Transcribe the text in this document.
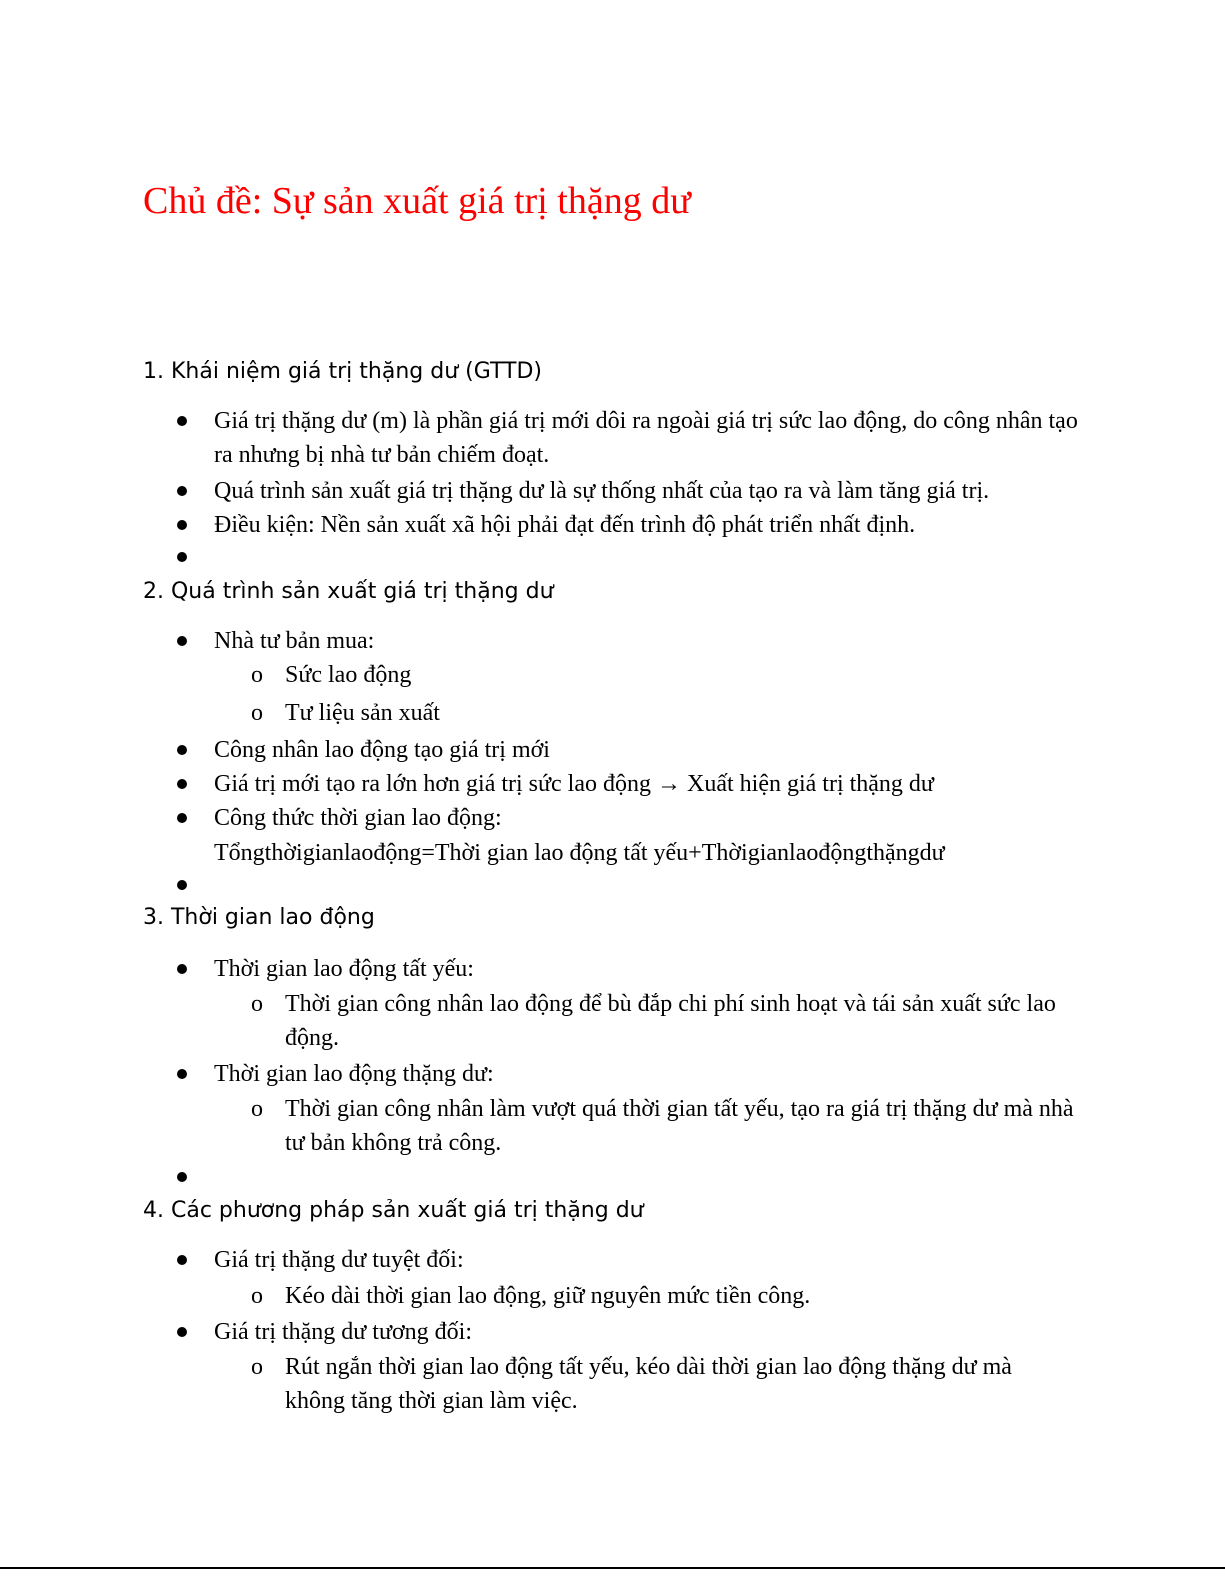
Chủ đề: Sự sản xuất giá trị thặng dư
1. Khái niệm giá trị thặng dư (GTTD)
Giá trị thặng dư (m) là phần giá trị mới dôi ra ngoài giá trị sức lao động, do công nhân tạo ra nhưng bị nhà tư bản chiếm đoạt.
Quá trình sản xuất giá trị thặng dư là sự thống nhất của tạo ra và làm tăng giá trị.
Điều kiện: Nền sản xuất xã hội phải đạt đến trình độ phát triển nhất định.
2. Quá trình sản xuất giá trị thặng dư
Nhà tư bản mua:
o Sức lao động
o Tư liệu sản xuất
Công nhân lao động tạo giá trị mới
Giá trị mới tạo ra lớn hơn giá trị sức lao động → Xuất hiện giá trị thặng dư
Công thức thời gian lao động:
Tổngthờigianlaođộng=Thời gian lao động tất yếu+Thờigianlaođộngthặngdư
3. Thời gian lao động
Thời gian lao động tất yếu:
o Thời gian công nhân lao động để bù đắp chi phí sinh hoạt và tái sản xuất sức lao động.
Thời gian lao động thặng dư:
o Thời gian công nhân làm vượt quá thời gian tất yếu, tạo ra giá trị thặng dư mà nhà tư bản không trả công.
4. Các phương pháp sản xuất giá trị thặng dư
Giá trị thặng dư tuyệt đối:
o Kéo dài thời gian lao động, giữ nguyên mức tiền công.
Giá trị thặng dư tương đối:
o Rút ngắn thời gian lao động tất yếu, kéo dài thời gian lao động thặng dư mà không tăng thời gian làm việc.
